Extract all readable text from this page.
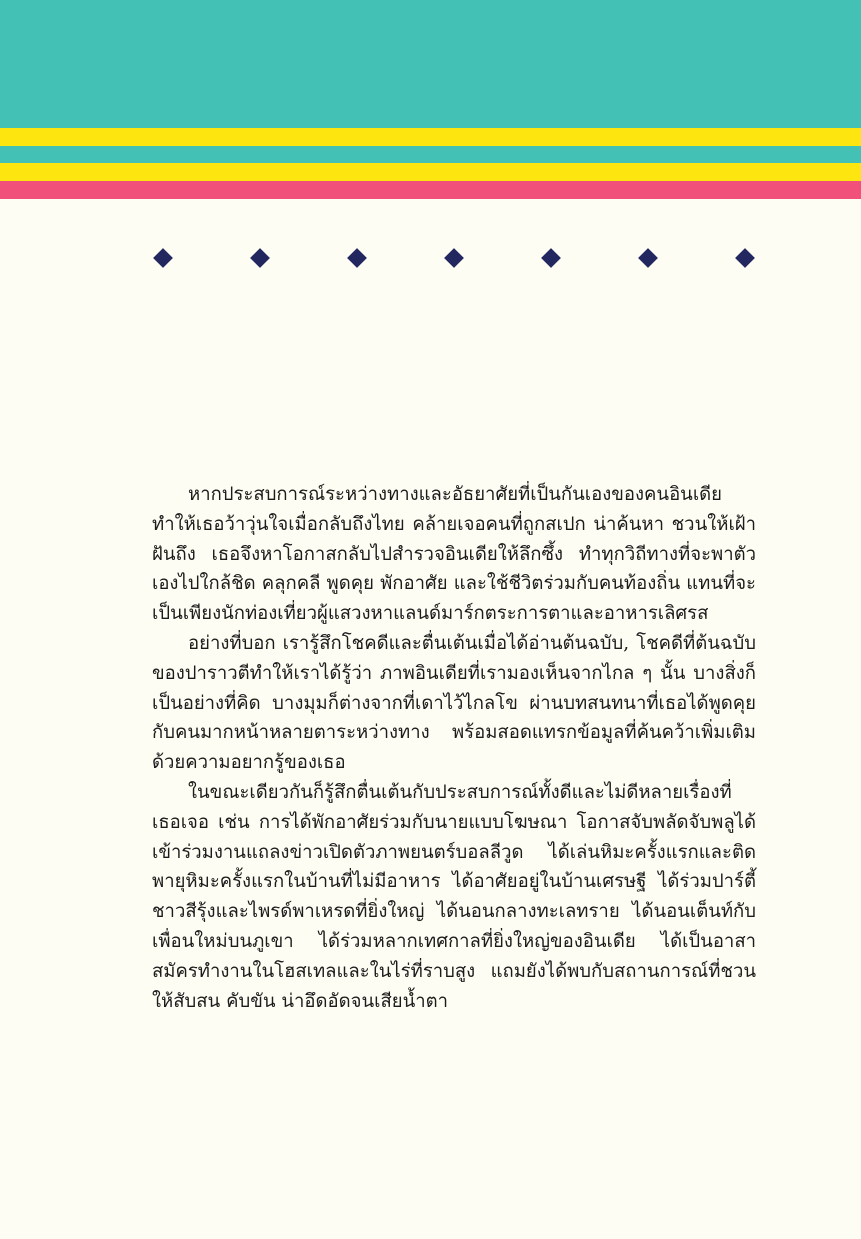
หากประสบการณ์ระหว่างทางและอัธยาศัยที่เป็นกันเองของคนอินเดียทำให้เธอว้าวุ่นใจเมื่อกลับถึงไทย คล้ายเจอคนที่ถูกสเปก น่าค้นหา ชวนให้เฝ้าฝันถึง เธอจึงหาโอกาสกลับไปสำรวจอินเดียให้ลึกซึ้ง ทำทุกวิถีทางที่จะพาตัวเองไปใกล้ชิด คลุกคลี พูดคุย พักอาศัย และใช้ชีวิตร่วมกับคนท้องถิ่น แทนที่จะเป็นเพียงนักท่องเที่ยวผู้แสวงหาแลนด์มาร์กตระการตาและอาหารเลิศรส

อย่างที่บอก เรารู้สึกโชคดีและตื่นเต้นเมื่อได้อ่านต้นฉบับ, โชคดีที่ต้นฉบับของปาราวตีทำให้เราได้รู้ว่า ภาพอินเดียที่เรามองเห็นจากไกล ๆ นั้น บางสิ่งก็เป็นอย่างที่คิด บางมุมก็ต่างจากที่เดาไว้ไกลโข ผ่านบทสนทนาที่เธอได้พูดคุยกับคนมากหน้าหลายตาระหว่างทาง พร้อมสอดแทรกข้อมูลที่ค้นคว้าเพิ่มเติมด้วยความอยากรู้ของเธอ

ในขณะเดียวกันก็รู้สึกตื่นเต้นกับประสบการณ์ทั้งดีและไม่ดีหลายเรื่องที่เธอเจอ เช่น การได้พักอาศัยร่วมกับนายแบบโฆษณา โอกาสจับพลัดจับพลูได้เข้าร่วมงานแถลงข่าวเปิดตัวภาพยนตร์บอลลีวูด ได้เล่นหิมะครั้งแรกและติดพายุหิมะครั้งแรกในบ้านที่ไม่มีอาหาร ได้อาศัยอยู่ในบ้านเศรษฐี ได้ร่วมปาร์ตี้ชาวสีรุ้งและไพรด์พาเหรดที่ยิ่งใหญ่ ได้นอนกลางทะเลทราย ได้นอนเต็นท์กับเพื่อนใหม่บนภูเขา ได้ร่วมหลากเทศกาลที่ยิ่งใหญ่ของอินเดีย ได้เป็นอาสาสมัครทำงานในโฮสเทลและในไร่ที่ราบสูง แถมยังได้พบกับสถานการณ์ที่ชวนให้สับสน คับขัน น่าอึดอัดจนเสียน้ำตา
